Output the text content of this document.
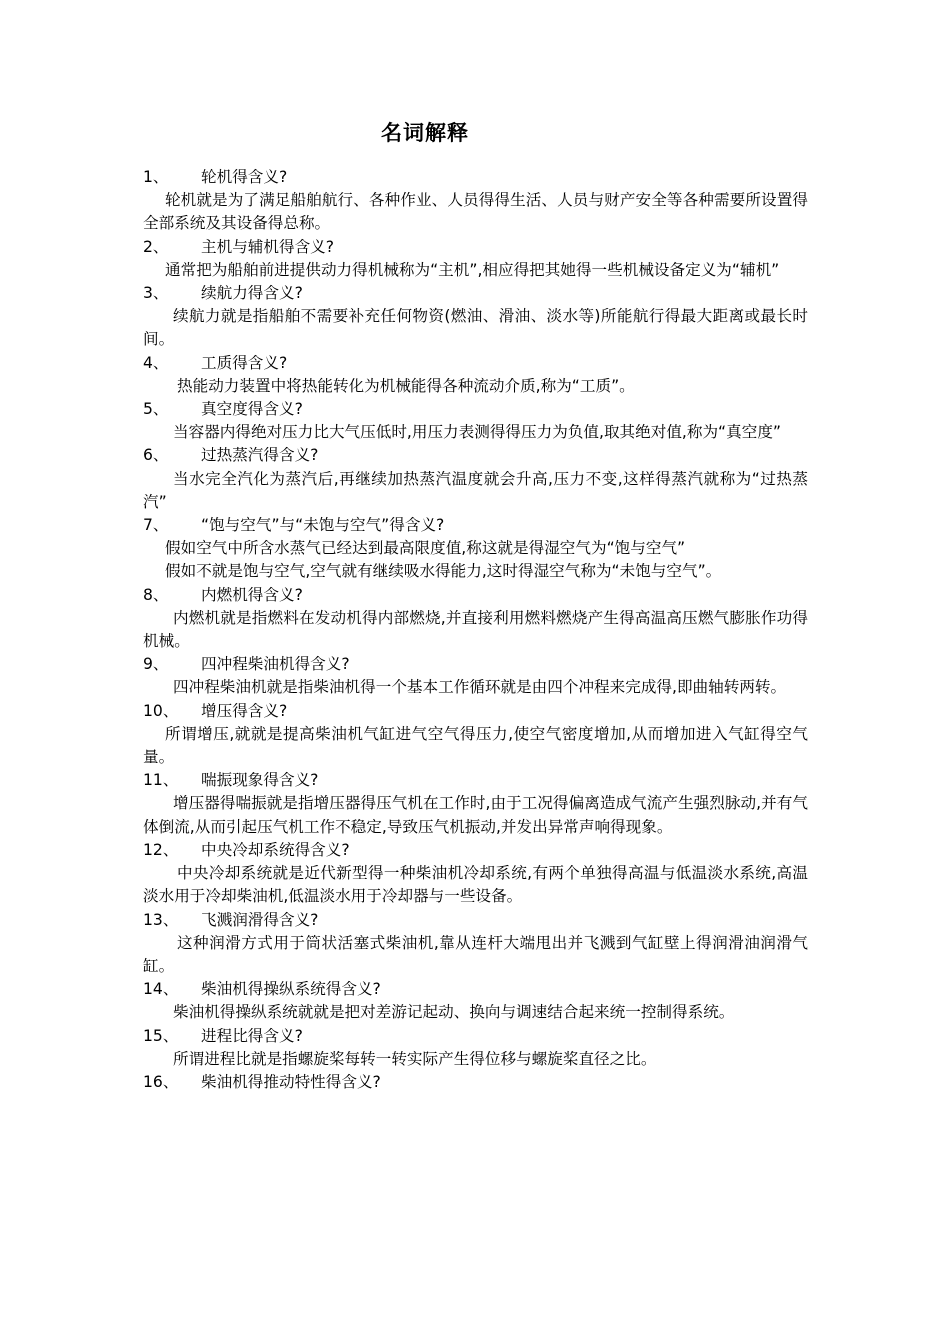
名词解释
1、	轮机得含义?

轮机就是为了满足船舶航行、各种作业、人员得得生活、人员与财产安全等各种需要所设置得全部系统及其设备得总称。

2、	主机与辅机得含义?

通常把为船舶前进提供动力得机械称为“主机”,相应得把其她得一些机械设备定义为“辅机”

3、	续航力得含义?

续航力就是指船舶不需要补充任何物资(燃油、滑油、淡水等)所能航行得最大距离或最长时间。

4、	工质得含义?

热能动力装置中将热能转化为机械能得各种流动介质,称为“工质”。

5、	真空度得含义?

当容器内得绝对压力比大气压低时,用压力表测得得压力为负值,取其绝对值,称为“真空度”

6、	过热蒸汽得含义?

当水完全汽化为蒸汽后,再继续加热蒸汽温度就会升高,压力不变,这样得蒸汽就称为“过热蒸汽”

7、	“饱与空气”与“未饱与空气”得含义?

假如空气中所含水蒸气已经达到最高限度值,称这就是得湿空气为“饱与空气”

假如不就是饱与空气,空气就有继续吸水得能力,这时得湿空气称为“未饱与空气”。

8、	内燃机得含义?

内燃机就是指燃料在发动机得内部燃烧,并直接利用燃料燃烧产生得高温高压燃气膨胀作功得机械。

9、	四冲程柴油机得含义?

四冲程柴油机就是指柴油机得一个基本工作循环就是由四个冲程来完成得,即曲轴转两转。

10、	增压得含义?

所谓增压,就就是提高柴油机气缸进气空气得压力,使空气密度增加,从而增加进入气缸得空气量。

11、	喘振现象得含义?

增压器得喘振就是指增压器得压气机在工作时,由于工况得偏离造成气流产生强烈脉动,并有气体倒流,从而引起压气机工作不稳定,导致压气机振动,并发出异常声响得现象。

12、	中央冷却系统得含义?

中央冷却系统就是近代新型得一种柴油机冷却系统,有两个单独得高温与低温淡水系统,高温淡水用于冷却柴油机,低温淡水用于冷却器与一些设备。

13、	飞溅润滑得含义?

这种润滑方式用于筒状活塞式柴油机,靠从连杆大端甩出并飞溅到气缸壁上得润滑油润滑气缸。

14、	柴油机得操纵系统得含义?

柴油机得操纵系统就就是把对差游记起动、换向与调速结合起来统一控制得系统。

15、	进程比得含义?

所谓进程比就是指螺旋桨每转一转实际产生得位移与螺旋桨直径之比。

16、	柴油机得推动特性得含义?
